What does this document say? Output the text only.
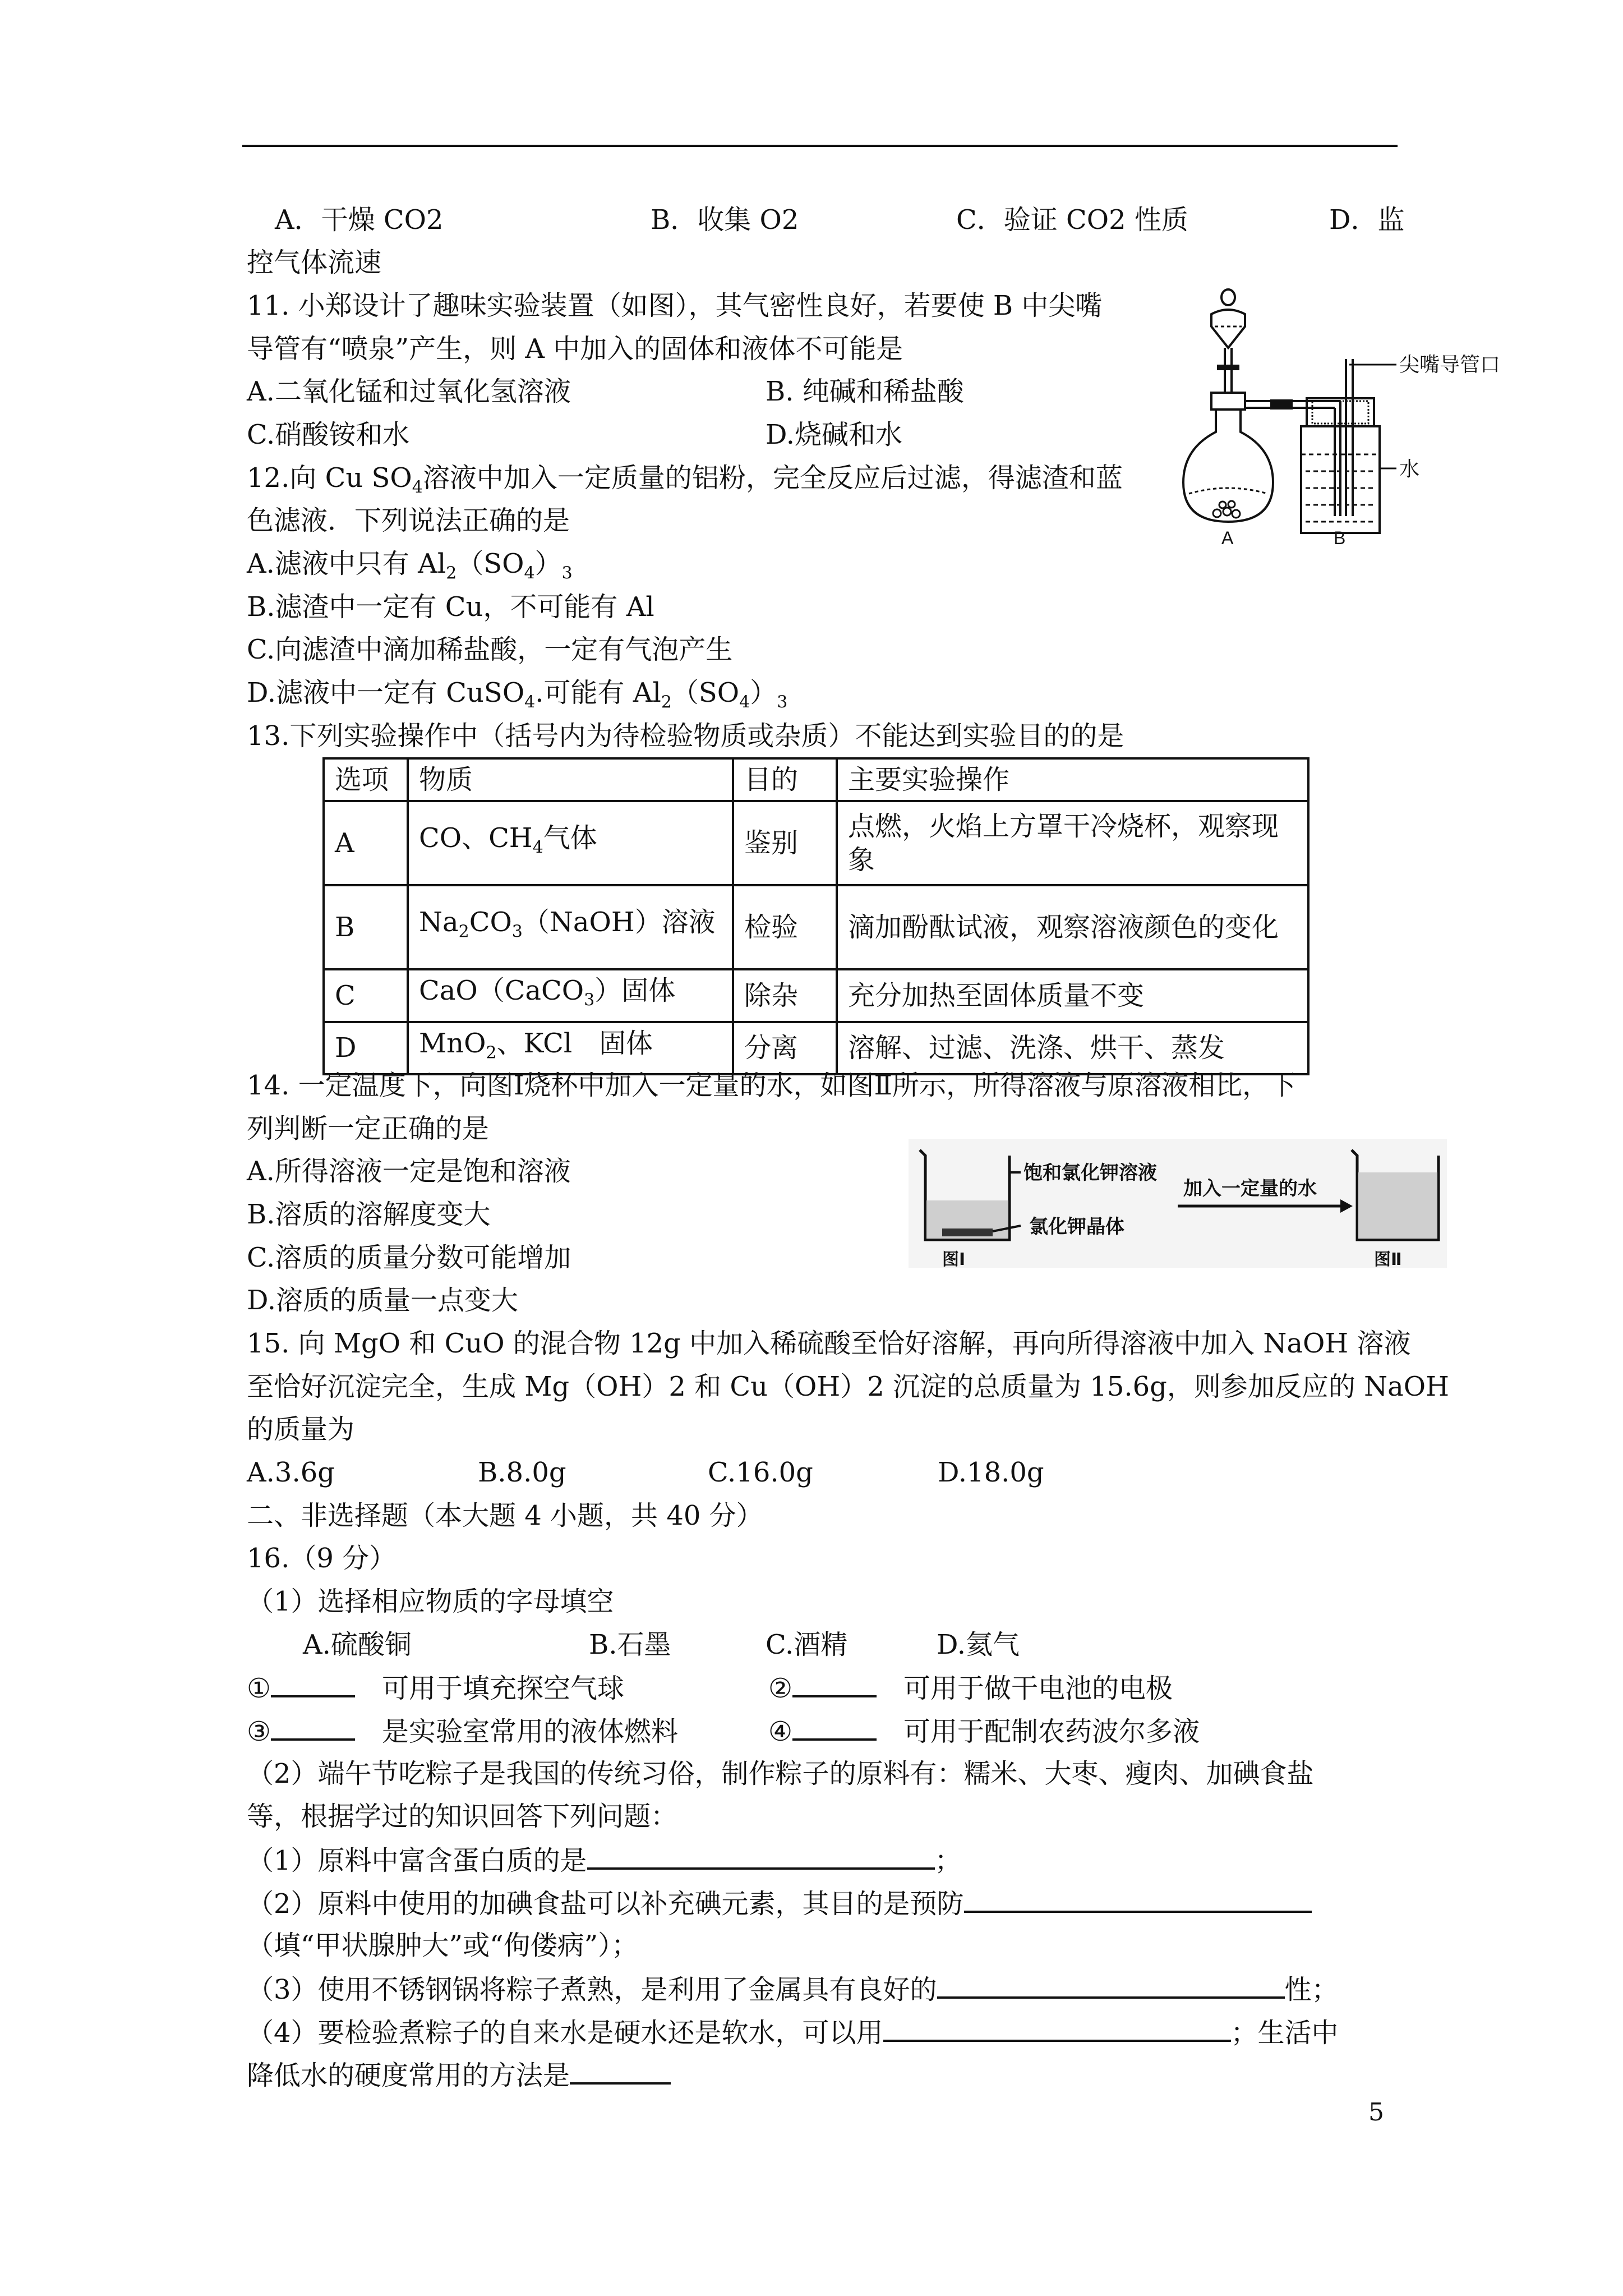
A．干燥 CO2	B．收集 O2	C．验证 CO2 性质	D．监
控气体流速
11. 小郑设计了趣味实验装置（如图），其气密性良好，若要使 B 中尖嘴
导管有“喷泉”产生，则 A 中加入的固体和液体不可能是
A.二氧化锰和过氧化氢溶液	B. 纯碱和稀盐酸
C.硝酸铵和水	D.烧碱和水
尖嘴导管口
水
A	B
12.向 Cu $SO_4$溶液中加入一定质量的铝粉，完全反应后过滤，得滤渣和蓝
色滤液．下列说法正确的是
A.滤液中只有 $Al_2(SO_4)_3$
B.滤渣中一定有 Cu，不可能有 Al
C.向滤渣中滴加稀盐酸，一定有气泡产生
D.滤液中一定有 CuSO$_4$.可能有 $Al_2(SO_4)_3$
13.下列实验操作中（括号内为待检验物质或杂质）不能达到实验目的的是
选项	物质	目的	主要实验操作
A	CO、$CH_4$气体	鉴别	点燃，火焰上方罩干冷烧杯，观察现象
B	$Na_2CO_3(NaOH)$溶液	检验	滴加酚酞试液，观察溶液颜色的变化
C	CaO（CaCO$_3$）固体	除杂	充分加热至固体质量不变
D	MnO$_2$、KCl　固体	分离	溶解、过滤、洗涤、烘干、蒸发
14. 一定温度下，向图Ⅰ烧杯中加入一定量的水，如图Ⅱ所示，所得溶液与原溶液相比，下
列判断一定正确的是
A.所得溶液一定是饱和溶液
B.溶质的溶解度变大
C.溶质的质量分数可能增加
D.溶质的质量一点变大
饱和氯化钾溶液
氯化钾晶体
图Ⅰ
加入一定量的水
图Ⅱ
15. 向 MgO 和 CuO 的混合物 12g 中加入稀硫酸至恰好溶解，再向所得溶液中加入 NaOH 溶液
至恰好沉淀完全，生成 Mg（OH）2 和 Cu（OH）2 沉淀的总质量为 15.6g，则参加反应的 NaOH
的质量为
A.3.6g	B.8.0g	C.16.0g	D.18.0g
二、非选择题（本大题 4 小题，共 40 分）
16.（9 分）
（1）选择相应物质的字母填空
A.硫酸铜	B.石墨	C.酒精	D.氦气
①　	可用于填充探空气球	②　	可用于做干电池的电极
③　	是实验室常用的液体燃料	④　	可用于配制农药波尔多液
（2）端午节吃粽子是我国的传统习俗，制作粽子的原料有：糯米、大枣、瘦肉、加碘食盐
等，根据学过的知识回答下列问题：
（1）原料中富含蛋白质的是	；
（2）原料中使用的加碘食盐可以补充碘元素，其目的是预防
（填“甲状腺肿大”或“佝偻病”）；
（3）使用不锈钢锅将粽子煮熟，是利用了金属具有良好的	性；
（4）要检验煮粽子的自来水是硬水还是软水，可以用	；生活中
降低水的硬度常用的方法是
5
